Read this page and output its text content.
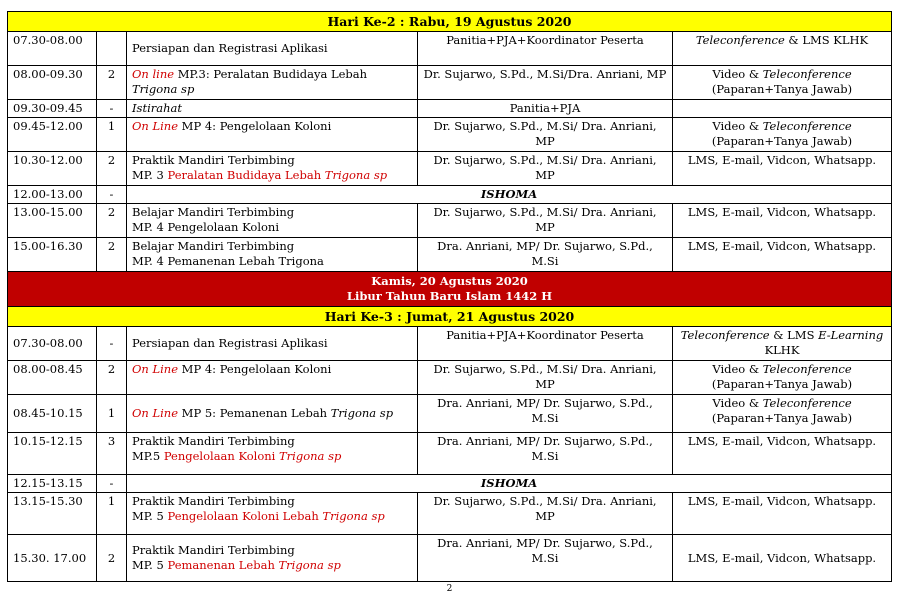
Hari Ke-2 : Rabu, 19 Agustus 2020				
07.30-08.00		Persiapan dan Registrasi Aplikasi	Panitia+PJA+Koordinator Peserta	Teleconference & LMS KLHK
08.00-09.30	2	On line MP.3: Peralatan Budidaya Lebah Trigona sp	Dr. Sujarwo, S.Pd., M.Si/Dra. Anriani, MP	Video & Teleconference
(Paparan+Tanya Jawab)
09.30-09.45	-	Istirahat	Panitia+PJA	
09.45-12.00	1	On Line MP 4: Pengelolaan Koloni	Dr. Sujarwo, S.Pd., M.Si/ Dra. Anriani, MP	Video & Teleconference
(Paparan+Tanya Jawab)
10.30-12.00	2	Praktik Mandiri Terbimbing
MP. 3 Peralatan Budidaya Lebah Trigona sp	Dr. Sujarwo, S.Pd., M.Si/ Dra. Anriani, MP	LMS, E-mail, Vidcon, Whatsapp.
12.00-13.00	-	ISHOMA		
13.00-15.00	2	Belajar Mandiri Terbimbing
MP. 4 Pengelolaan Koloni	Dr. Sujarwo, S.Pd., M.Si/ Dra. Anriani, MP	LMS, E-mail, Vidcon, Whatsapp.
15.00-16.30	2	Belajar Mandiri Terbimbing
MP. 4 Pemanenan Lebah Trigona	Dra. Anriani, MP/ Dr. Sujarwo, S.Pd., M.Si	LMS, E-mail, Vidcon, Whatsapp.
Kamis, 20 Agustus 2020
Libur Tahun Baru Islam 1442 H				
Hari Ke-3 : Jumat, 21 Agustus 2020				
07.30-08.00	-	Persiapan dan Registrasi Aplikasi	Panitia+PJA+Koordinator Peserta	Teleconference & LMS E-Learning
KLHK
08.00-08.45	2	On Line MP 4: Pengelolaan Koloni	Dr. Sujarwo, S.Pd., M.Si/ Dra. Anriani, MP	Video & Teleconference
(Paparan+Tanya Jawab)
08.45-10.15	1	On Line MP 5: Pemanenan Lebah Trigona sp	Dra. Anriani, MP/ Dr. Sujarwo, S.Pd., M.Si	Video & Teleconference
(Paparan+Tanya Jawab)
10.15-12.15	3	Praktik Mandiri Terbimbing
MP.5 Pengelolaan Koloni Trigona sp	Dra. Anriani, MP/ Dr. Sujarwo, S.Pd., M.Si	LMS, E-mail, Vidcon, Whatsapp.
12.15-13.15	-	ISHOMA		
13.15-15.30	1	Praktik Mandiri Terbimbing
MP. 5 Pengelolaan Koloni Lebah Trigona sp	Dr. Sujarwo, S.Pd., M.Si/ Dra. Anriani, MP	LMS, E-mail, Vidcon, Whatsapp.
15.30. 17.00	2	Praktik Mandiri Terbimbing
MP. 5 Pemanenan Lebah Trigona sp	Dra. Anriani, MP/ Dr. Sujarwo, S.Pd., M.Si	LMS, E-mail, Vidcon, Whatsapp.
2
